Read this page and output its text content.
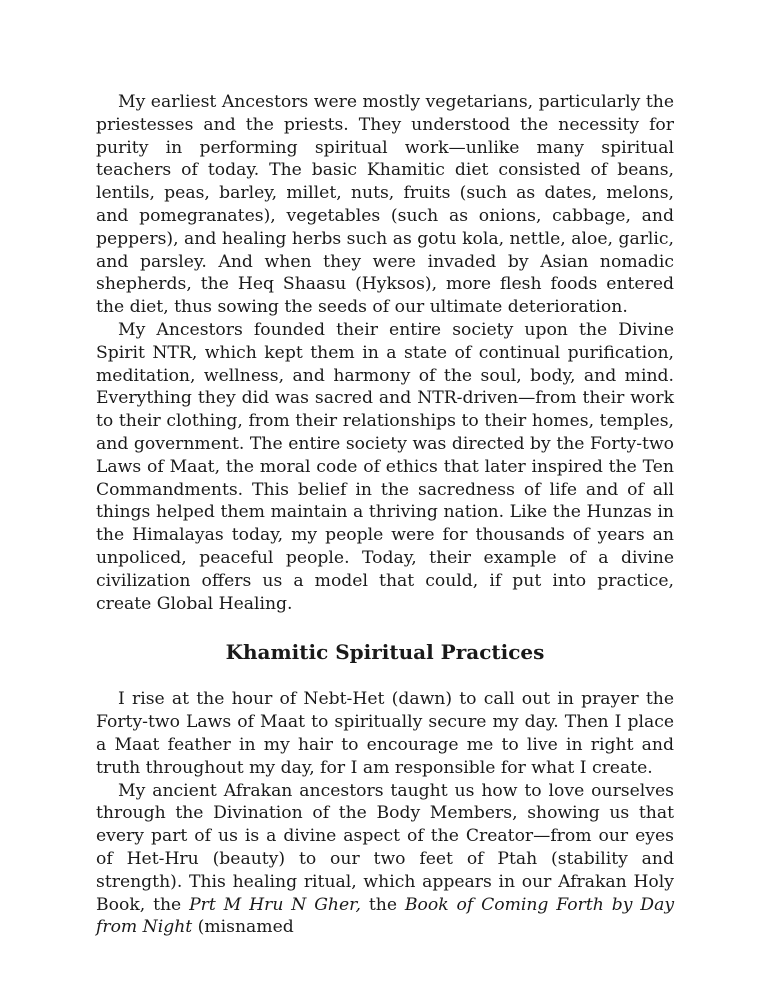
My earliest Ancestors were mostly vegetarians, particularly the priestesses and the priests. They understood the necessity for purity in performing spiritual work—unlike many spiritual teachers of today. The basic Khamitic diet consisted of beans, lentils, peas, barley, millet, nuts, fruits (such as dates, melons, and pomegranates), vegetables (such as onions, cabbage, and peppers), and healing herbs such as gotu kola, nettle, aloe, garlic, and parsley. And when they were invaded by Asian nomadic shepherds, the Heq Shaasu (Hyksos), more flesh foods entered the diet, thus sowing the seeds of our ultimate deterioration.

My Ancestors founded their entire society upon the Divine Spirit NTR, which kept them in a state of continual purification, meditation, wellness, and harmony of the soul, body, and mind. Everything they did was sacred and NTR-driven—from their work to their clothing, from their relationships to their homes, temples, and government. The entire society was directed by the Forty-two Laws of Maat, the moral code of ethics that later inspired the Ten Commandments. This belief in the sacredness of life and of all things helped them maintain a thriving nation. Like the Hunzas in the Himalayas today, my people were for thousands of years an unpoliced, peaceful people. Today, their example of a divine civilization offers us a model that could, if put into practice, create Global Healing.

Khamitic Spiritual Practices

I rise at the hour of Nebt-Het (dawn) to call out in prayer the Forty-two Laws of Maat to spiritually secure my day. Then I place a Maat feather in my hair to encourage me to live in right and truth throughout my day, for I am responsible for what I create.

My ancient Afrakan ancestors taught us how to love ourselves through the Divination of the Body Members, showing us that every part of us is a divine aspect of the Creator—from our eyes of Het-Hru (beauty) to our two feet of Ptah (stability and strength). This healing ritual, which appears in our Afrakan Holy Book, the Prt M Hru N Gher, the Book of Coming Forth by Day from Night (misnamed
